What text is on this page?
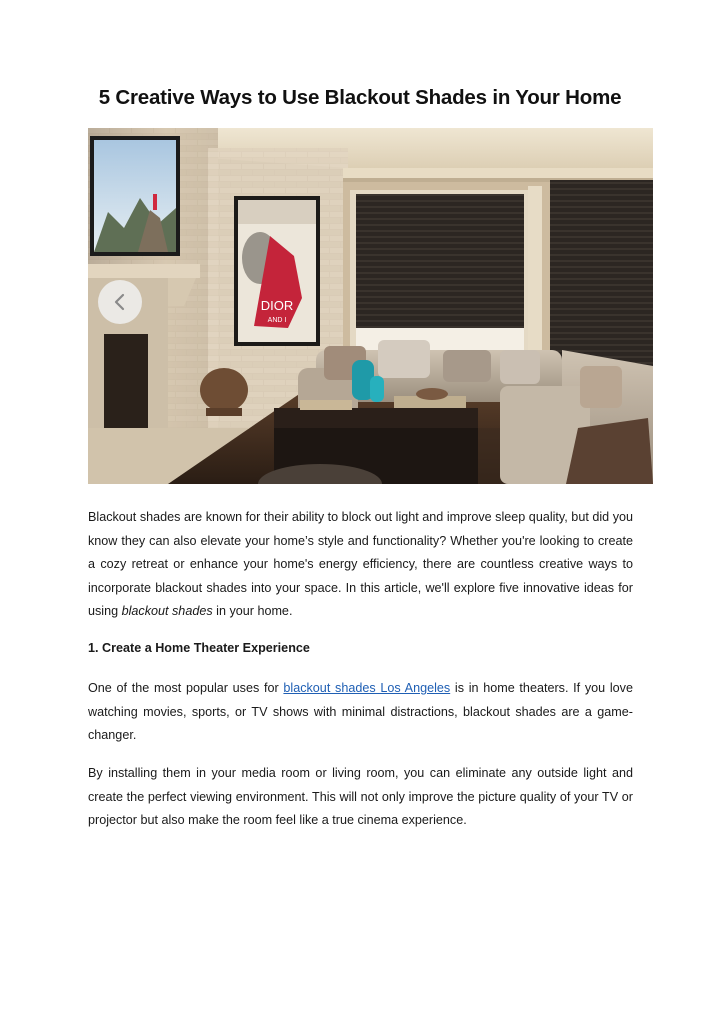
5 Creative Ways to Use Blackout Shades in Your Home
DIOR
AND I

Blackout shades are known for their ability to block out light and improve sleep quality, but did you know they can also elevate your home’s style and functionality? Whether you're looking to create a cozy retreat or enhance your home's energy efficiency, there are countless creative ways to incorporate blackout shades into your space. In this article, we'll explore five innovative ideas for using blackout shades in your home.

1. Create a Home Theater Experience

One of the most popular uses for blackout shades Los Angeles is in home theaters. If you love watching movies, sports, or TV shows with minimal distractions, blackout shades are a game-changer.

By installing them in your media room or living room, you can eliminate any outside light and create the perfect viewing environment. This will not only improve the picture quality of your TV or projector but also make the room feel like a true cinema experience.
